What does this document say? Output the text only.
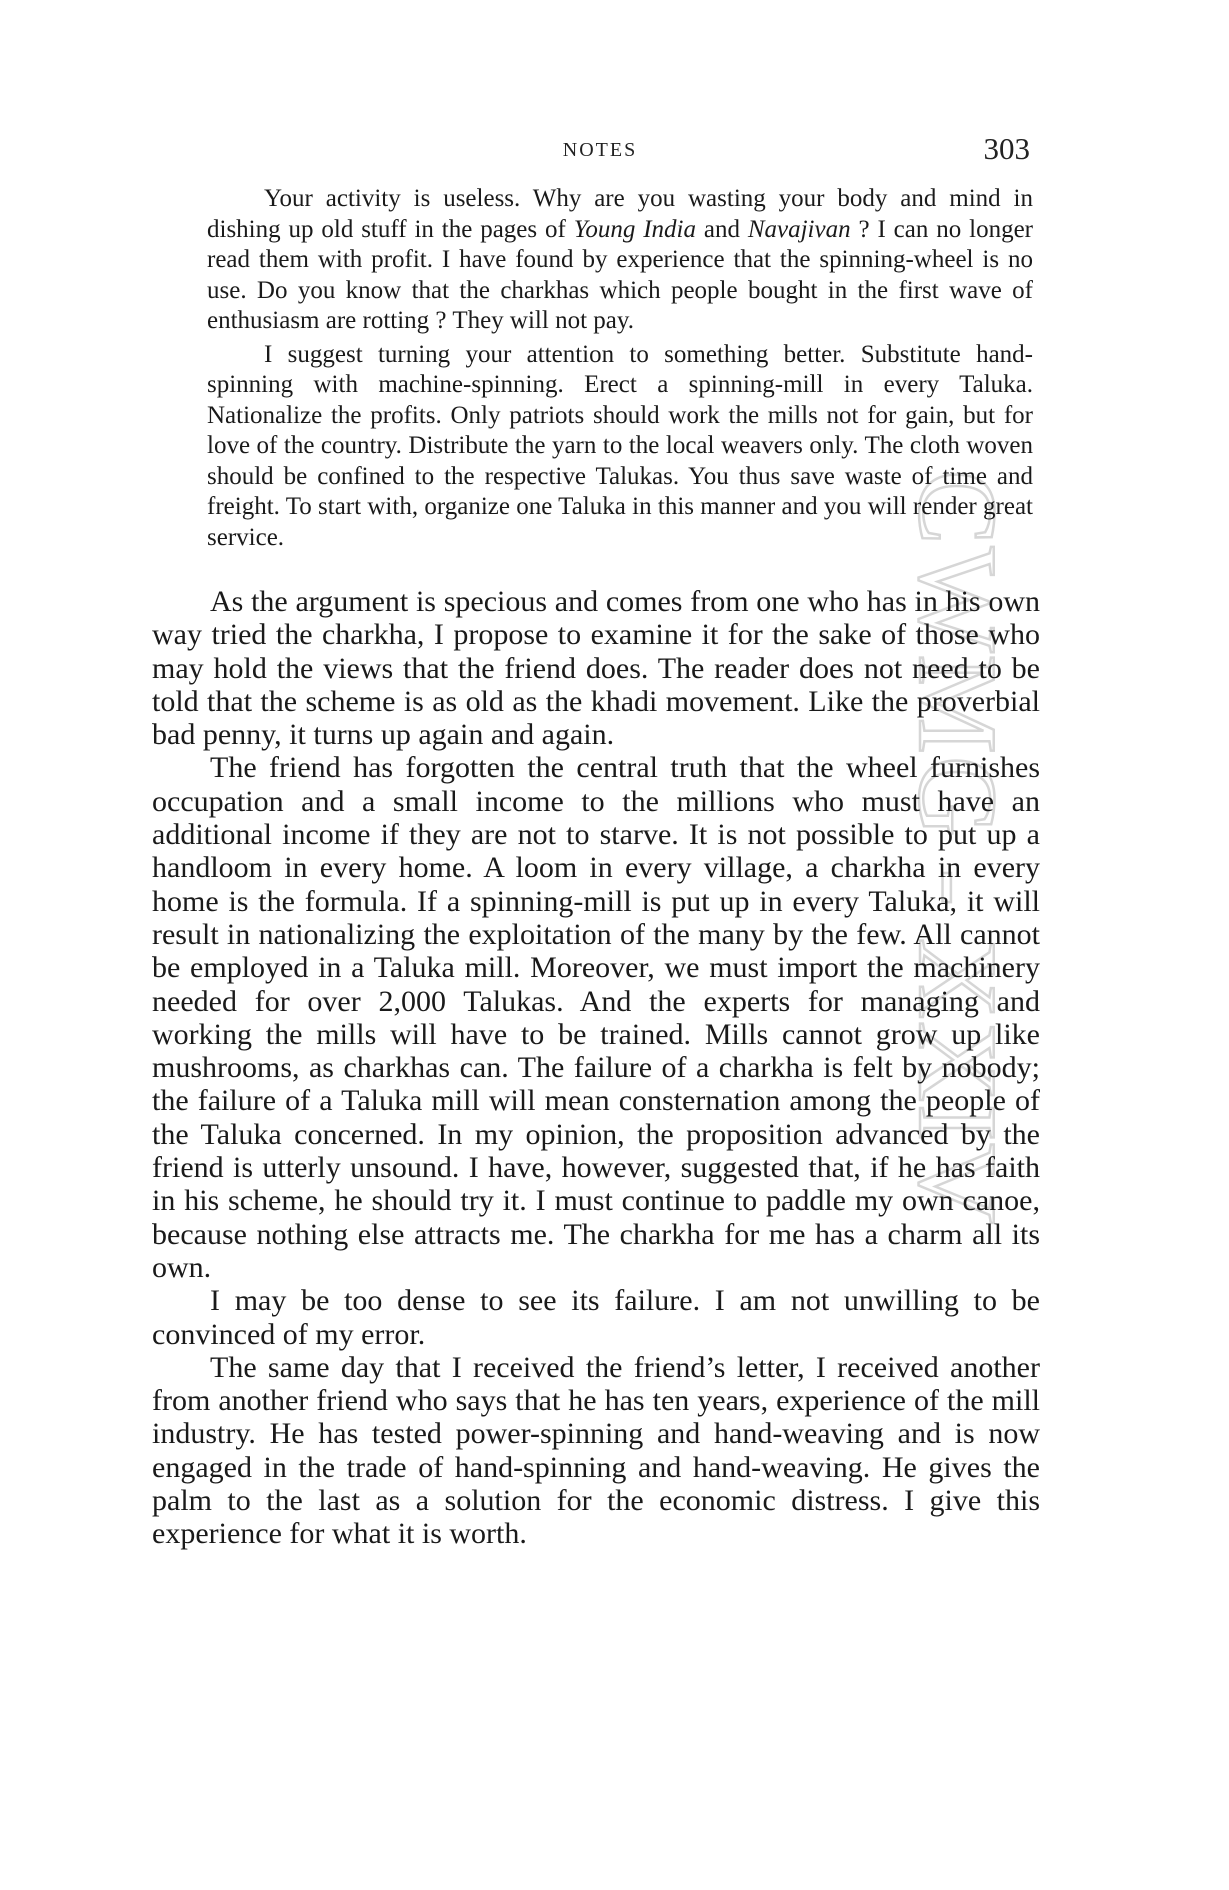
CWMG - XXIV
NOTES	303

Your activity is useless. Why are you wasting your body and mind in dishing up old stuff in the pages of Young India and Navajivan ? I can no longer read them with profit. I have found by experience that the spinning-wheel is no use. Do you know that the charkhas which people bought in the first wave of enthusiasm are rotting ? They will not pay.

I suggest turning your attention to something better. Substitute hand-spinning with machine-spinning. Erect a spinning-mill in every Taluka. Nationalize the profits. Only patriots should work the mills not for gain, but for love of the country. Distribute the yarn to the local weavers only. The cloth woven should be confined to the respective Talukas. You thus save waste of time and freight. To start with, organize one Taluka in this manner and you will render great service.

As the argument is specious and comes from one who has in his own way tried the charkha, I propose to examine it for the sake of those who may hold the views that the friend does. The reader does not need to be told that the scheme is as old as the khadi movement. Like the proverbial bad penny, it turns up again and again.

The friend has forgotten the central truth that the wheel furnishes occupation and a small income to the millions who must have an additional income if they are not to starve. It is not possible to put up a handloom in every home. A loom in every village, a charkha in every home is the formula. If a spinning-mill is put up in every Taluka, it will result in nationalizing the exploitation of the many by the few. All cannot be employed in a Taluka mill. Moreover, we must import the machinery needed for over 2,000 Talukas. And the experts for managing and working the mills will have to be trained. Mills cannot grow up like mushrooms, as charkhas can. The failure of a charkha is felt by nobody; the failure of a Taluka mill will mean consternation among the people of the Taluka concerned. In my opinion, the proposition advanced by the friend is utterly unsound. I have, however, suggested that, if he has faith in his scheme, he should try it. I must continue to paddle my own canoe, because nothing else attracts me. The charkha for me has a charm all its own.

I may be too dense to see its failure. I am not unwilling to be convinced of my error.

The same day that I received the friend’s letter, I received another from another friend who says that he has ten years, experience of the mill industry. He has tested power-spinning and hand-weaving and is now engaged in the trade of hand-spinning and hand-weaving. He gives the palm to the last as a solution for the economic distress. I give this experience for what it is worth.
